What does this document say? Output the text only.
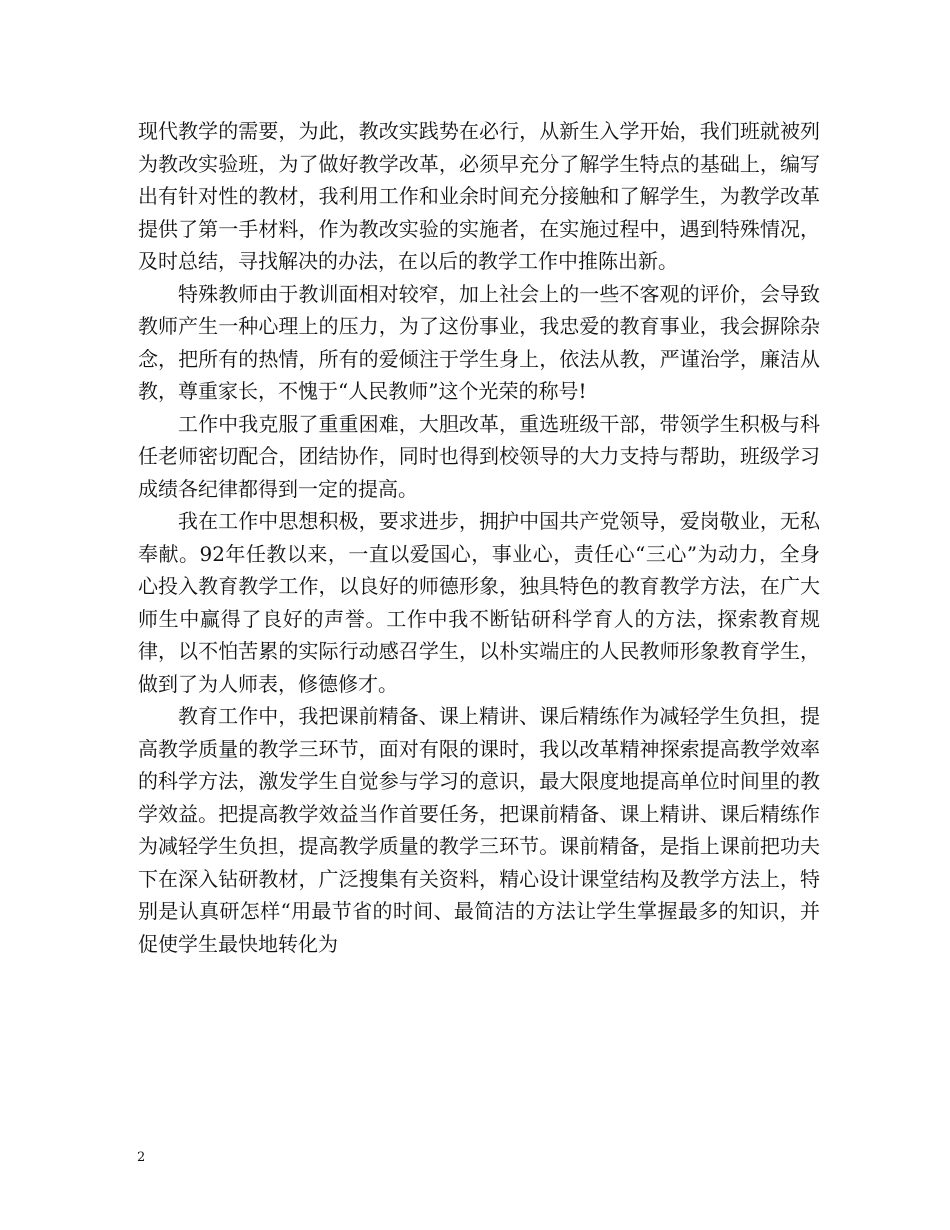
现代教学的需要，为此，教改实践势在必行，从新生入学开始，我们班就被列为教改实验班，为了做好教学改革，必须早充分了解学生特点的基础上，编写出有针对性的教材，我利用工作和业余时间充分接触和了解学生，为教学改革提供了第一手材料，作为教改实验的实施者，在实施过程中，遇到特殊情况，及时总结，寻找解决的办法，在以后的教学工作中推陈出新。

特殊教师由于教训面相对较窄，加上社会上的一些不客观的评价，会导致教师产生一种心理上的压力，为了这份事业，我忠爱的教育事业，我会摒除杂念，把所有的热情，所有的爱倾注于学生身上，依法从教，严谨治学，廉洁从教，尊重家长，不愧于“人民教师”这个光荣的称号!

工作中我克服了重重困难，大胆改革，重选班级干部，带领学生积极与科任老师密切配合，团结协作，同时也得到校领导的大力支持与帮助，班级学习成绩各纪律都得到一定的提高。

我在工作中思想积极，要求进步，拥护中国共产党领导，爱岗敬业，无私奉献。92年任教以来，一直以爱国心，事业心，责任心“三心”为动力，全身心投入教育教学工作，以良好的师德形象，独具特色的教育教学方法，在广大师生中赢得了良好的声誉。工作中我不断钻研科学育人的方法，探索教育规律，以不怕苦累的实际行动感召学生，以朴实端庄的人民教师形象教育学生，做到了为人师表，修德修才。

教育工作中，我把课前精备、课上精讲、课后精练作为减轻学生负担，提高教学质量的教学三环节，面对有限的课时，我以改革精神探索提高教学效率的科学方法，激发学生自觉参与学习的意识，最大限度地提高单位时间里的教学效益。把提高教学效益当作首要任务，把课前精备、课上精讲、课后精练作为减轻学生负担，提高教学质量的教学三环节。课前精备，是指上课前把功夫下在深入钻研教材，广泛搜集有关资料，精心设计课堂结构及教学方法上，特别是认真研怎样“用最节省的时间、最简洁的方法让学生掌握最多的知识，并促使学生最快地转化为

2
